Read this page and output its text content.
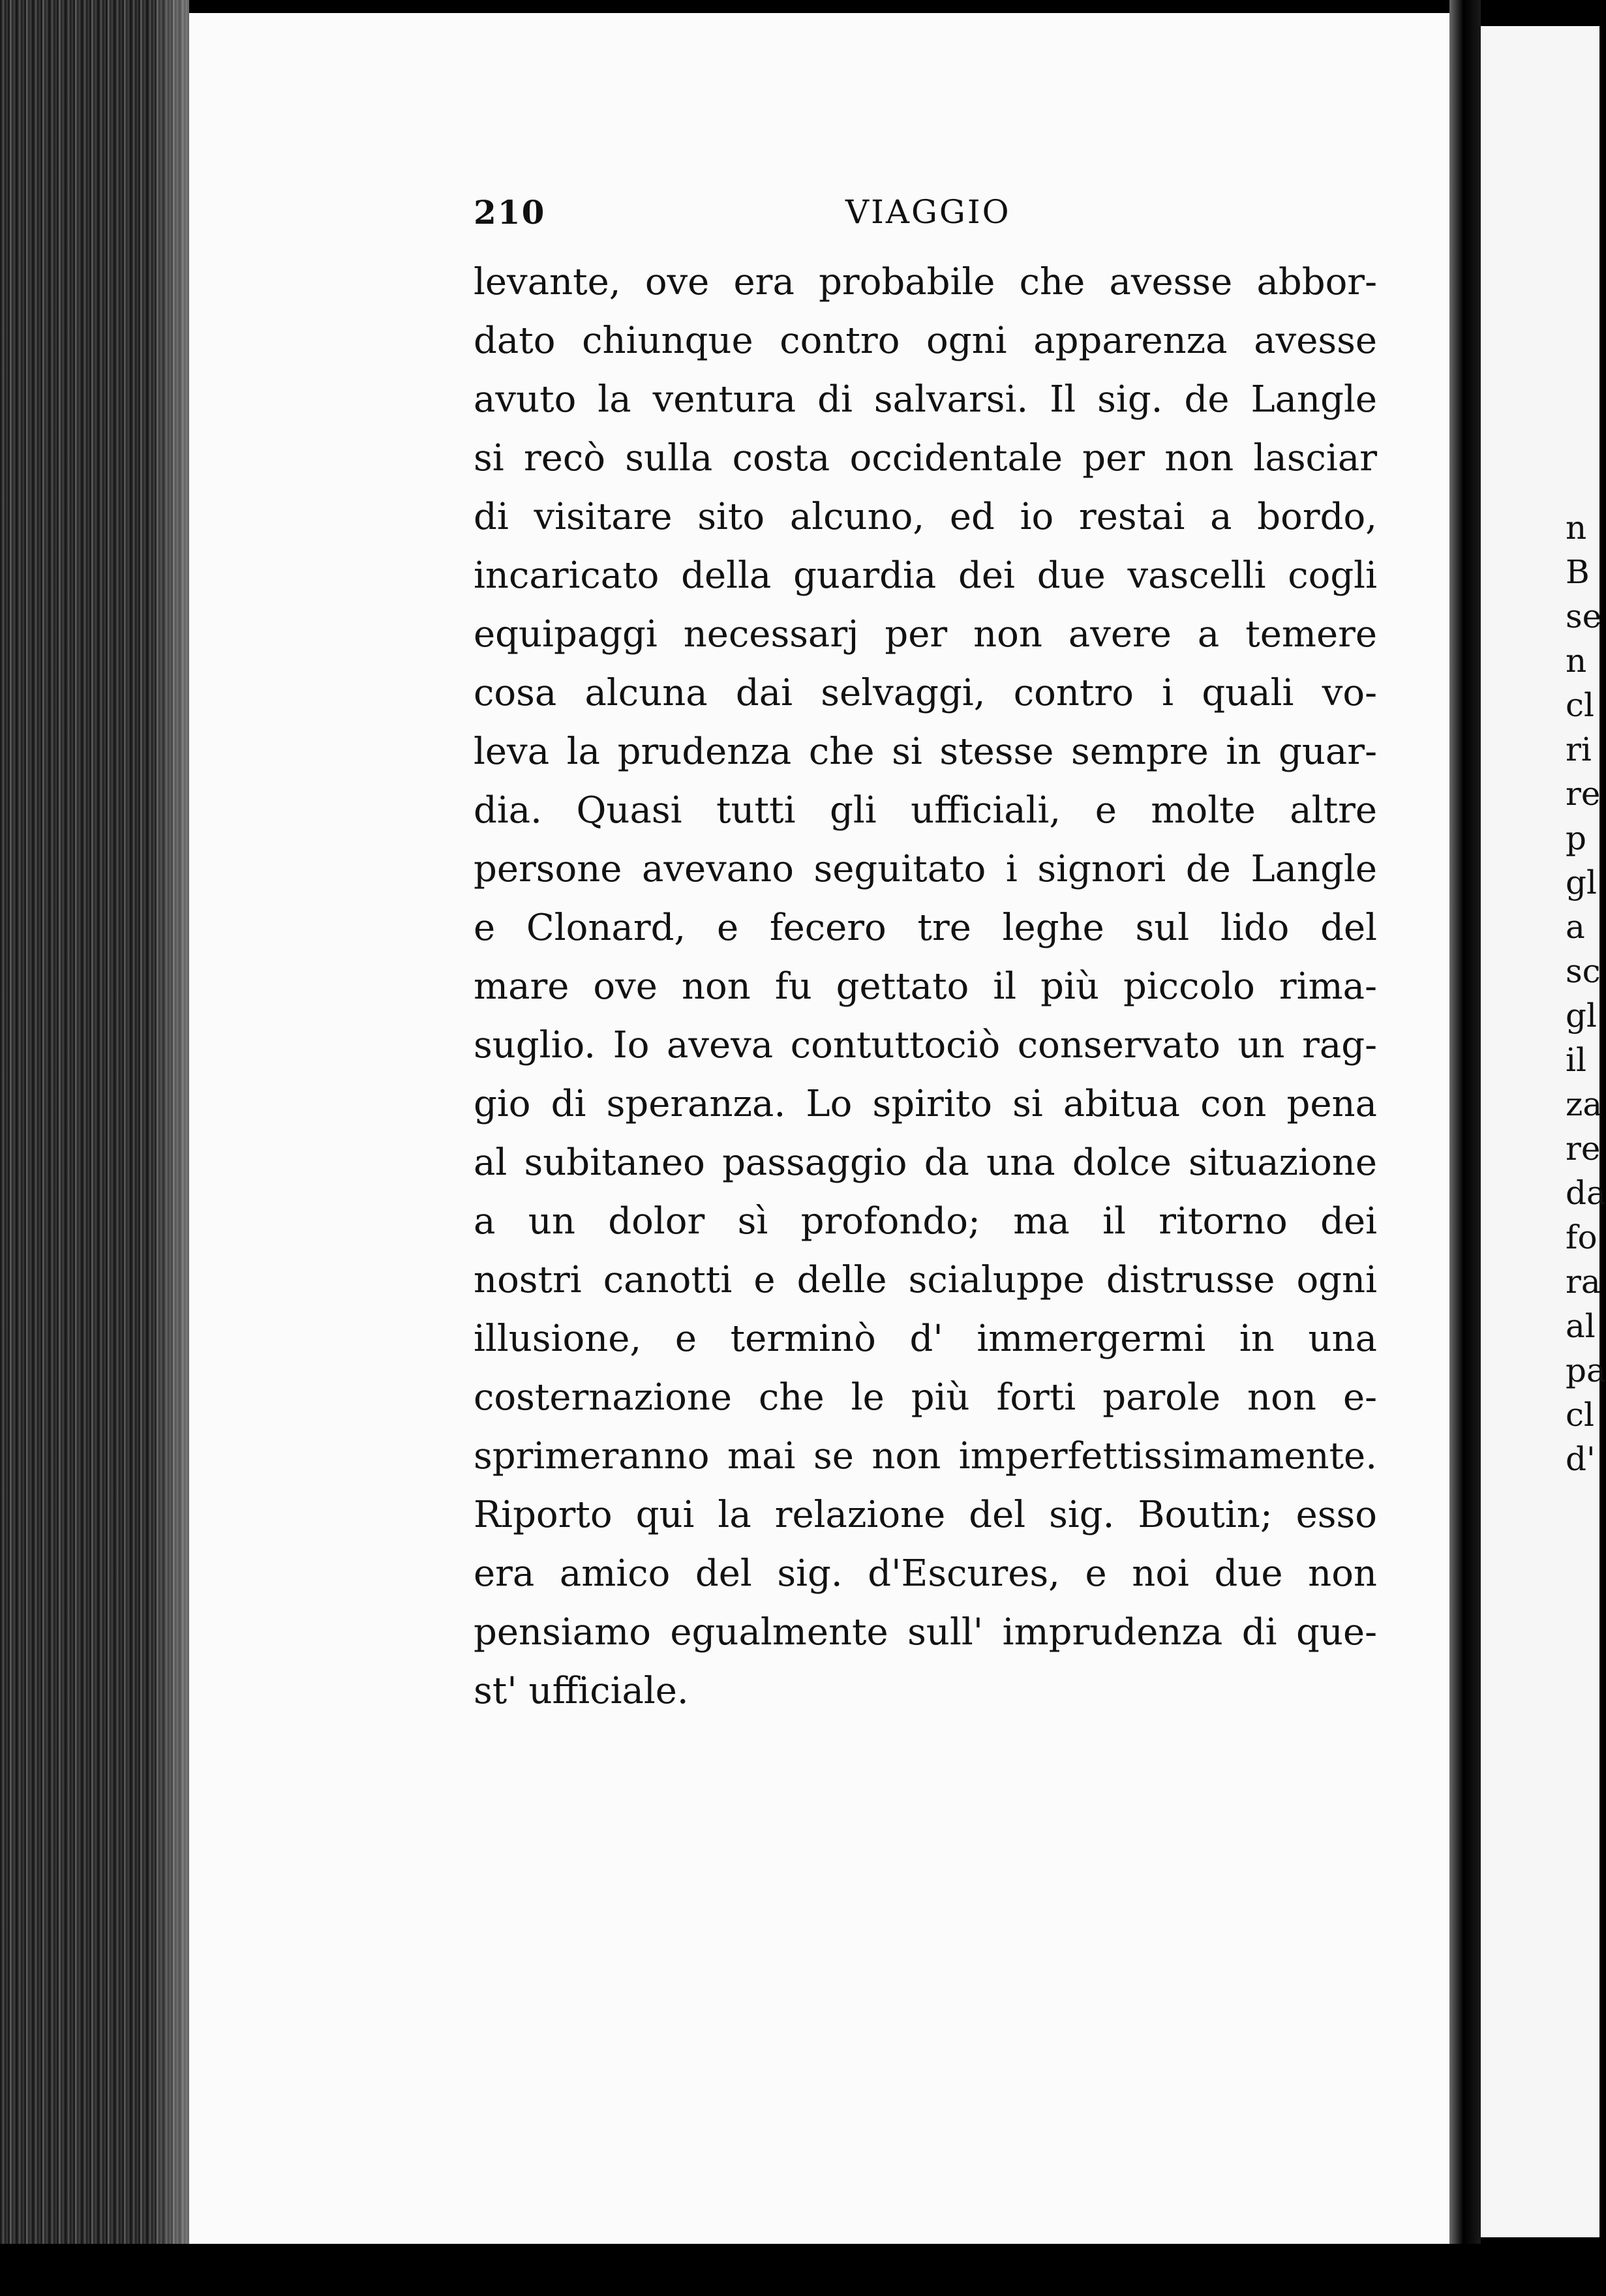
210	VIAGGIO
levante, ove era probabile che avesse abbor-
dato chiunque contro ogni apparenza avesse
avuto la ventura di salvarsi. Il sig. de Langle
si recò sulla costa occidentale per non lasciar
di visitare sito alcuno, ed io restai a bordo,
incaricato della guardia dei due vascelli cogli
equipaggi necessarj per non avere a temere
cosa alcuna dai selvaggi, contro i quali vo-
leva la prudenza che si stesse sempre in guar-
dia. Quasi tutti gli ufficiali, e molte altre
persone avevano seguitato i signori de Langle
e Clonard, e fecero tre leghe sul lido del
mare ove non fu gettato il più piccolo rima-
suglio. Io aveva contuttociò conservato un rag-
gio di speranza. Lo spirito si abitua con pena
al subitaneo passaggio da una dolce situazione
a un dolor sì profondo; ma il ritorno dei
nostri canotti e delle scialuppe distrusse ogni
illusione, e terminò d' immergermi in una
costernazione che le più forti parole non e-
sprimeranno mai se non imperfettissimamente.
Riporto qui la relazione del sig. Boutin; esso
era amico del sig. d'Escures, e noi due non
pensiamo egualmente sull' imprudenza di que-
st' ufficiale.
n
B
se
n
cl
ri
re
p
gl
a
sc
gl
il
za
re
da
fo
ra
al
pa
cl
d'
